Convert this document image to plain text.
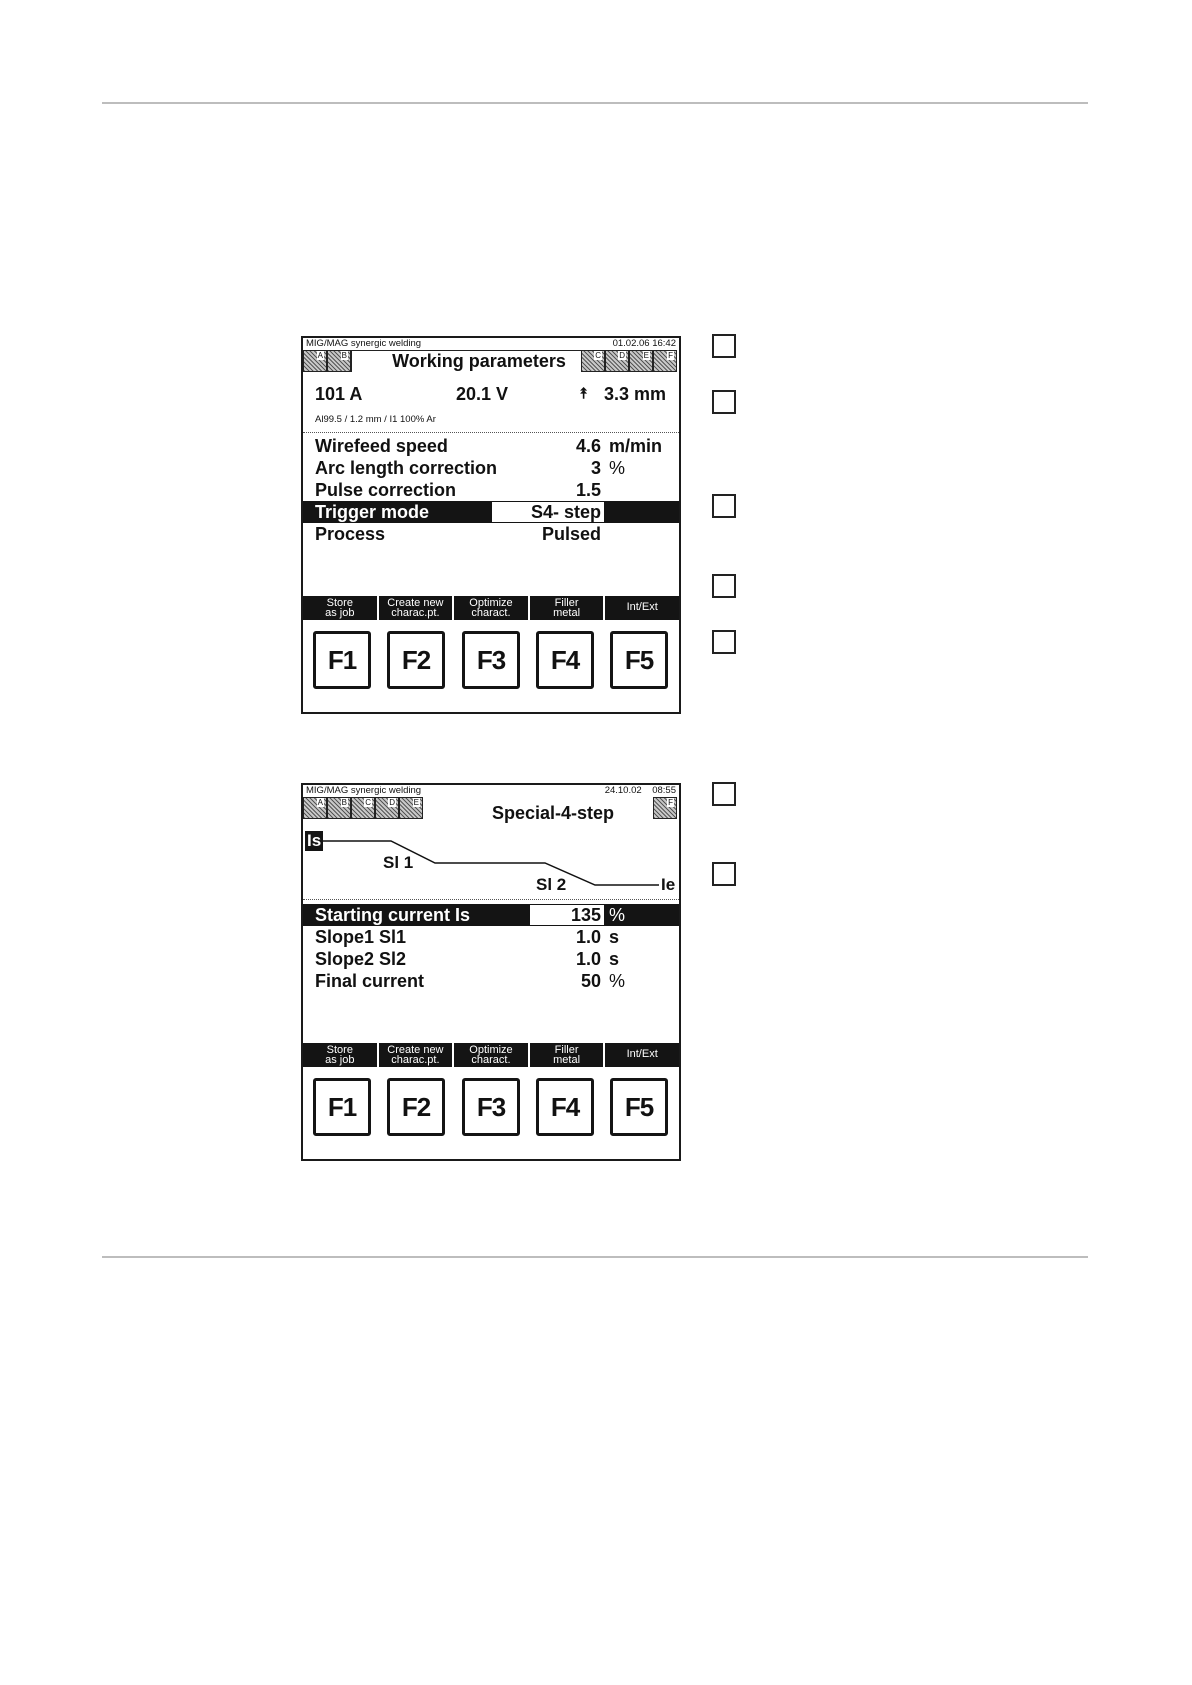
MIG/MAG synergic welding	01.02.06 16:42
A	B	Working parameters	C	D	E	F
101 A	20.1 V	⯭ 3.3 mm
Al99.5 / 1.2 mm / I1 100% Ar
Wirefeed speed	4.6 m/min
Arc length correction	3 %
Pulse correction	1.5
Trigger mode	S4- step
Process	Pulsed
Store
as job
Create new
charac.pt.
Optimize
charact.
Filler
metal	Int/Ext
F1	F2	F3	F4	F5
MIG/MAG synergic welding	24.10.02    08:55
A	B	C	D	E
Special-4-step
F
Is
Sl 1
Sl 2	Ie
Starting current Is	135 %
Slope1 Sl1	1.0 s
Slope2 Sl2	1.0 s
Final current	50 %
Store
as job
Create new
charac.pt.
Optimize
charact.
Filler
metal	Int/Ext
F1	F2	F3	F4	F5
